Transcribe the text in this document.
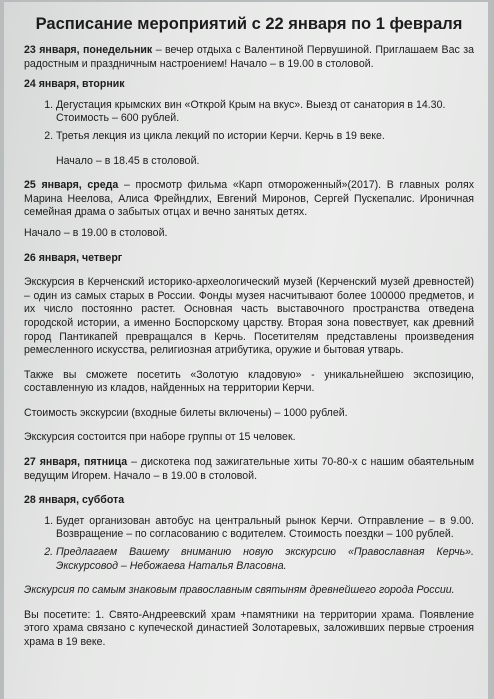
Расписание мероприятий с 22 января по 1 февраля

23 января, понедельник – вечер отдыха с Валентиной Первушиной. Приглашаем Вас за радостным и праздничным настроением! Начало – в 19.00 в столовой.

24 января, вторник

1. Дегустация крымских вин «Открой Крым на вкус». Выезд от санатория в 14.30. Стоимость – 600 рублей.
2. Третья лекция из цикла лекций по истории Керчи. Керчь в 19 веке.

Начало – в 18.45 в столовой.

25 января, среда – просмотр фильма «Карп отмороженный»(2017). В главных ролях Марина Неелова, Алиса Фрейндлих, Евгений Миронов, Сергей Пускепалис. Ироничная семейная драма о забытых отцах и вечно занятых детях.

Начало – в 19.00 в столовой.

26 января, четверг

Экскурсия в Керченский историко-археологический музей (Керченский музей древностей) – один из самых старых в России. Фонды музея насчитывают более 100000 предметов, и их число постоянно растет. Основная часть выставочного пространства отведена городской истории, а именно Боспорскому царству. Вторая зона повествует, как древний город Пантикапей превращался в Керчь. Посетителям представлены произведения ремесленного искусства, религиозная атрибутика, оружие и бытовая утварь.

Также вы сможете посетить «Золотую кладовую» - уникальнейшею экспозицию, составленную из кладов, найденных на территории Керчи.

Стоимость экскурсии (входные билеты включены) – 1000 рублей.

Экскурсия состоится при наборе группы от 15 человек.

27 января, пятница – дискотека под зажигательные хиты 70-80-х с нашим обаятельным ведущим Игорем. Начало – в 19.00 в столовой.

28 января, суббота

1. Будет организован автобус на центральный рынок Керчи. Отправление – в 9.00. Возвращение – по согласованию с водителем. Стоимость поездки – 100 рублей.
2. Предлагаем Вашему вниманию новую экскурсию «Православная Керчь». Экскурсовод – Небожаева Наталья Власовна.

Экскурсия по самым знаковым православным святыням древнейшего города России.

Вы посетите: 1. Свято-Андреевский храм +памятники на территории храма. Появление этого храма связано с купеческой династией Золотаревых, заложивших первые строения храма в 19 веке.
